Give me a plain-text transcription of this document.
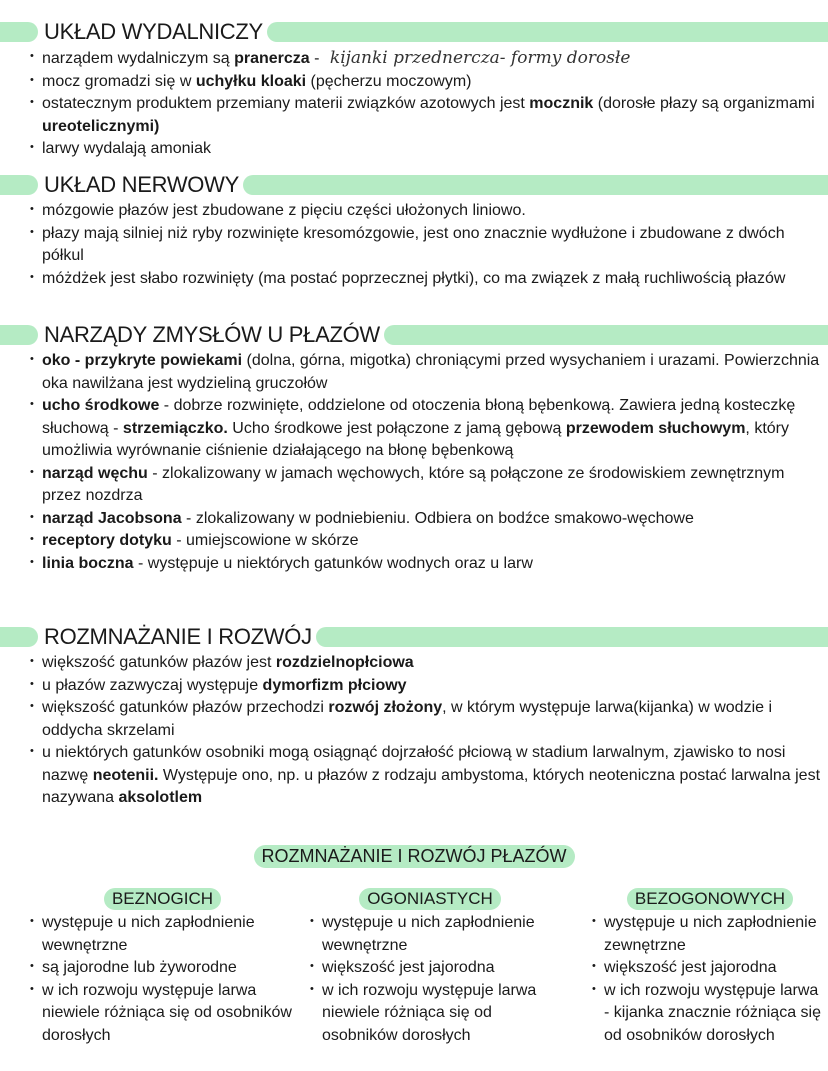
UKŁAD WYDALNICZY
• narządem wydalniczym są pranercza - kijanki przednercza- formy dorosłe
• mocz gromadzi się w uchyłku kloaki (pęcherzu moczowym)
• ostatecznym produktem przemiany materii związków azotowych jest mocznik (dorosłe płazy są organizmami ureotelicznymi)
• larwy wydalają amoniak
UKŁAD NERWOWY
• mózgowie płazów jest zbudowane z pięciu części ułożonych liniowo.
• płazy mają silniej niż ryby rozwinięte kresomózgowie, jest ono znacznie wydłużone i zbudowane z dwóch półkul
• móżdżek jest słabo rozwinięty (ma postać poprzecznej płytki), co ma związek z małą ruchliwością płazów
NARZĄDY ZMYSŁÓW U PŁAZÓW
• oko - przykryte powiekami (dolna, górna, migotka) chroniącymi przed wysychaniem i urazami. Powierzchnia oka nawilżana jest wydzieliną gruczołów
• ucho środkowe - dobrze rozwinięte, oddzielone od otoczenia błoną bębenkową. Zawiera jedną kosteczkę słuchową - strzemiączko. Ucho środkowe jest połączone z jamą gębową przewodem słuchowym, który umożliwia wyrównanie ciśnienie działającego na błonę bębenkową
• narząd węchu - zlokalizowany w jamach węchowych, które są połączone ze środowiskiem zewnętrznym przez nozdrza
• narząd Jacobsona - zlokalizowany w podniebieniu. Odbiera on bodźce smakowo-węchowe
• receptory dotyku - umiejscowione w skórze
• linia boczna - występuje u niektórych gatunków wodnych oraz u larw
ROZMNAŻANIE I ROZWÓJ
• większość gatunków płazów jest rozdzielnopłciowa
• u płazów zazwyczaj występuje dymorfizm płciowy
• większość gatunków płazów przechodzi rozwój złożony, w którym występuje larwa(kijanka) w wodzie i oddycha skrzelami
• u niektórych gatunków osobniki mogą osiągnąć dojrzałość płciową w stadium larwalnym, zjawisko to nosi nazwę neotenii. Występuje ono, np. u płazów z rodzaju ambystoma, których neoteniczna postać larwalna jest nazywana aksolotlem
ROZMNAŻANIE I ROZWÓJ PŁAZÓW
BEZNOGICH
• występuje u nich zapłodnienie wewnętrzne
• są jajorodne lub żyworodne
• w ich rozwoju występuje larwa niewiele różniąca się od osobników dorosłych
OGONIASTYCH
• występuje u nich zapłodnienie wewnętrzne
• większość jest jajorodna
• w ich rozwoju występuje larwa niewiele różniąca się od osobników dorosłych
BEZOGONOWYCH
• występuje u nich zapłodnienie zewnętrzne
• większość jest jajorodna
• w ich rozwoju występuje larwa - kijanka znacznie różniąca się od osobników dorosłych
